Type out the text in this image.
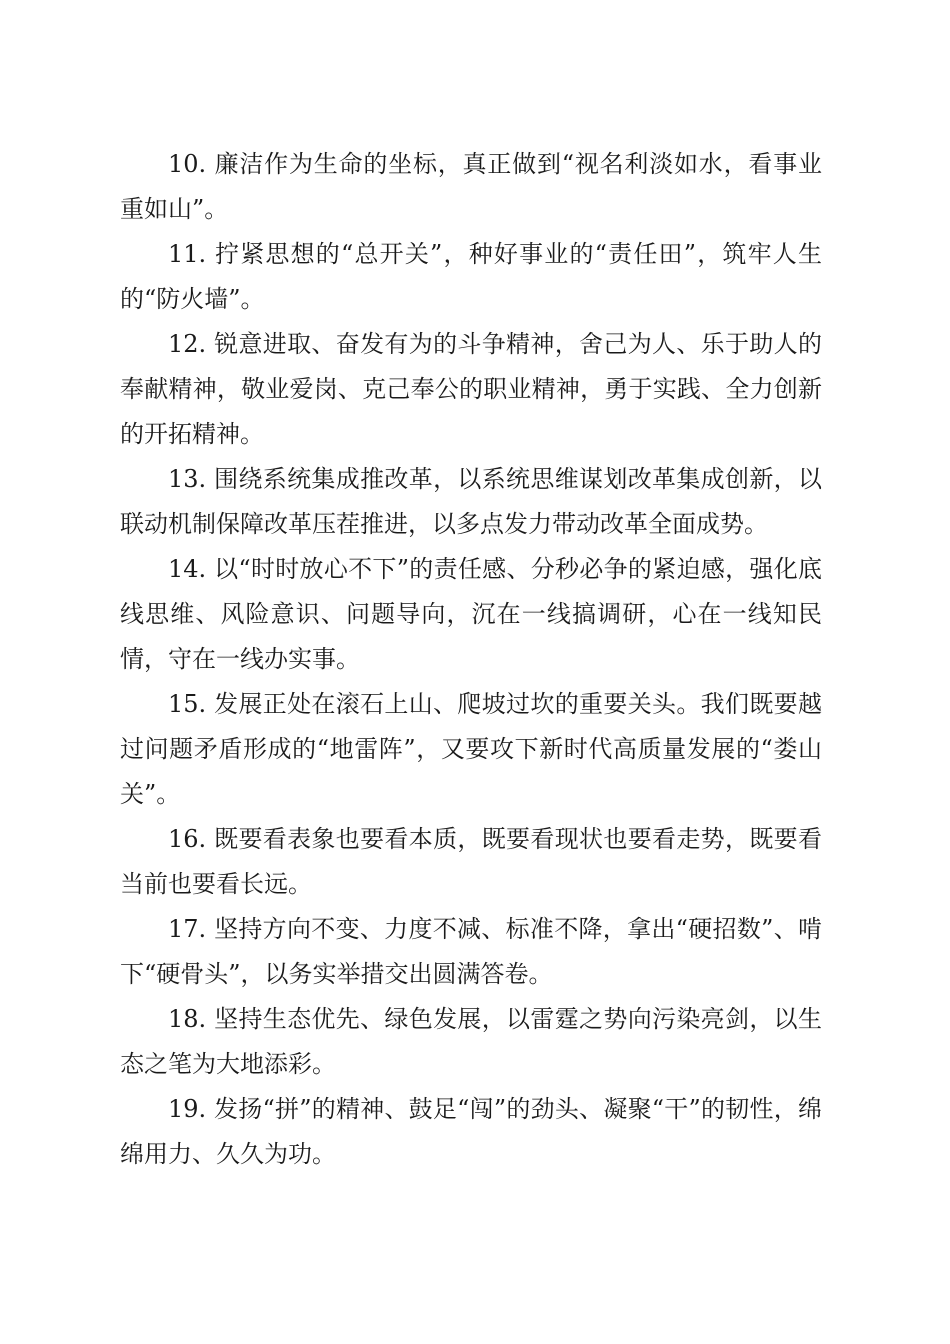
10. 廉洁作为生命的坐标，真正做到“视名利淡如水，看事业重如山”。

11. 拧紧思想的“总开关”，种好事业的“责任田”，筑牢人生的“防火墙”。

12. 锐意进取、奋发有为的斗争精神，舍己为人、乐于助人的奉献精神，敬业爱岗、克己奉公的职业精神，勇于实践、全力创新的开拓精神。

13. 围绕系统集成推改革，以系统思维谋划改革集成创新，以联动机制保障改革压茬推进，以多点发力带动改革全面成势。

14. 以“时时放心不下”的责任感、分秒必争的紧迫感，强化底线思维、风险意识、问题导向，沉在一线搞调研，心在一线知民情，守在一线办实事。

15. 发展正处在滚石上山、爬坡过坎的重要关头。我们既要越过问题矛盾形成的“地雷阵”，又要攻下新时代高质量发展的“娄山关”。

16. 既要看表象也要看本质，既要看现状也要看走势，既要看当前也要看长远。

17. 坚持方向不变、力度不减、标准不降，拿出“硬招数”、啃下“硬骨头”，以务实举措交出圆满答卷。

18. 坚持生态优先、绿色发展，以雷霆之势向污染亮剑，以生态之笔为大地添彩。

19. 发扬“拼”的精神、鼓足“闯”的劲头、凝聚“干”的韧性，绵绵用力、久久为功。
